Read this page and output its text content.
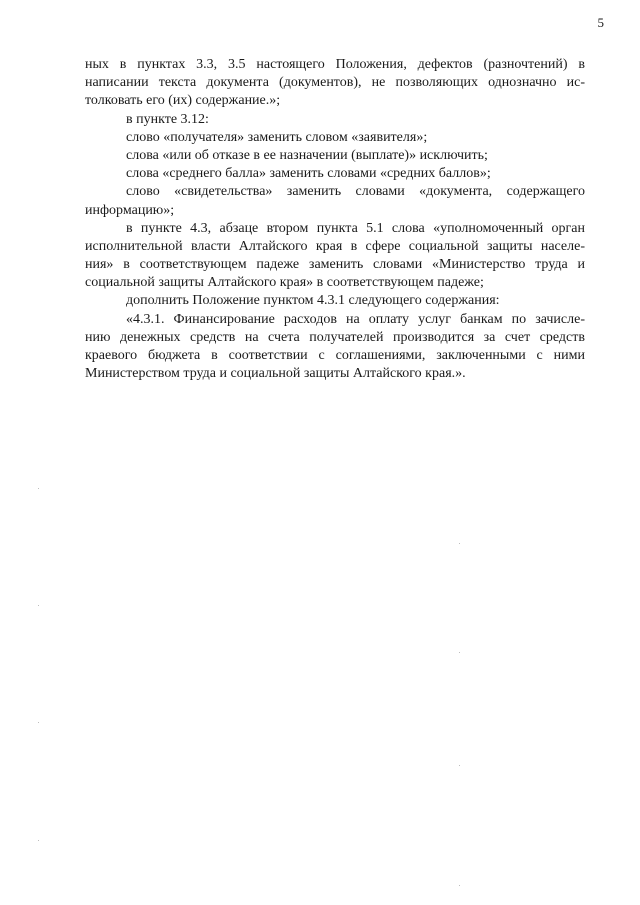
5
ных в пунктах 3.3, 3.5 настоящего Положения, дефектов (разночтений) в
написании текста документа (документов), не позволяющих однозначно ис-
толковать его (их) содержание.»;
в пункте 3.12:
слово «получателя» заменить словом «заявителя»;
слова «или об отказе в ее назначении (выплате)» исключить;
слова «среднего балла» заменить словами «средних баллов»;
слово «свидетельства» заменить словами «документа, содержащего
информацию»;
в пункте 4.3, абзаце втором пункта 5.1 слова «уполномоченный орган
исполнительной власти Алтайского края в сфере социальной защиты населе-
ния» в соответствующем падеже заменить словами «Министерство труда и
социальной защиты Алтайского края» в соответствующем падеже;
дополнить Положение пунктом 4.3.1 следующего содержания:
«4.3.1. Финансирование расходов на оплату услуг банкам по зачисле-
нию денежных средств на счета получателей производится за счет средств
краевого бюджета в соответствии с соглашениями, заключенными с ними
Министерством труда и социальной защиты Алтайского края.».
